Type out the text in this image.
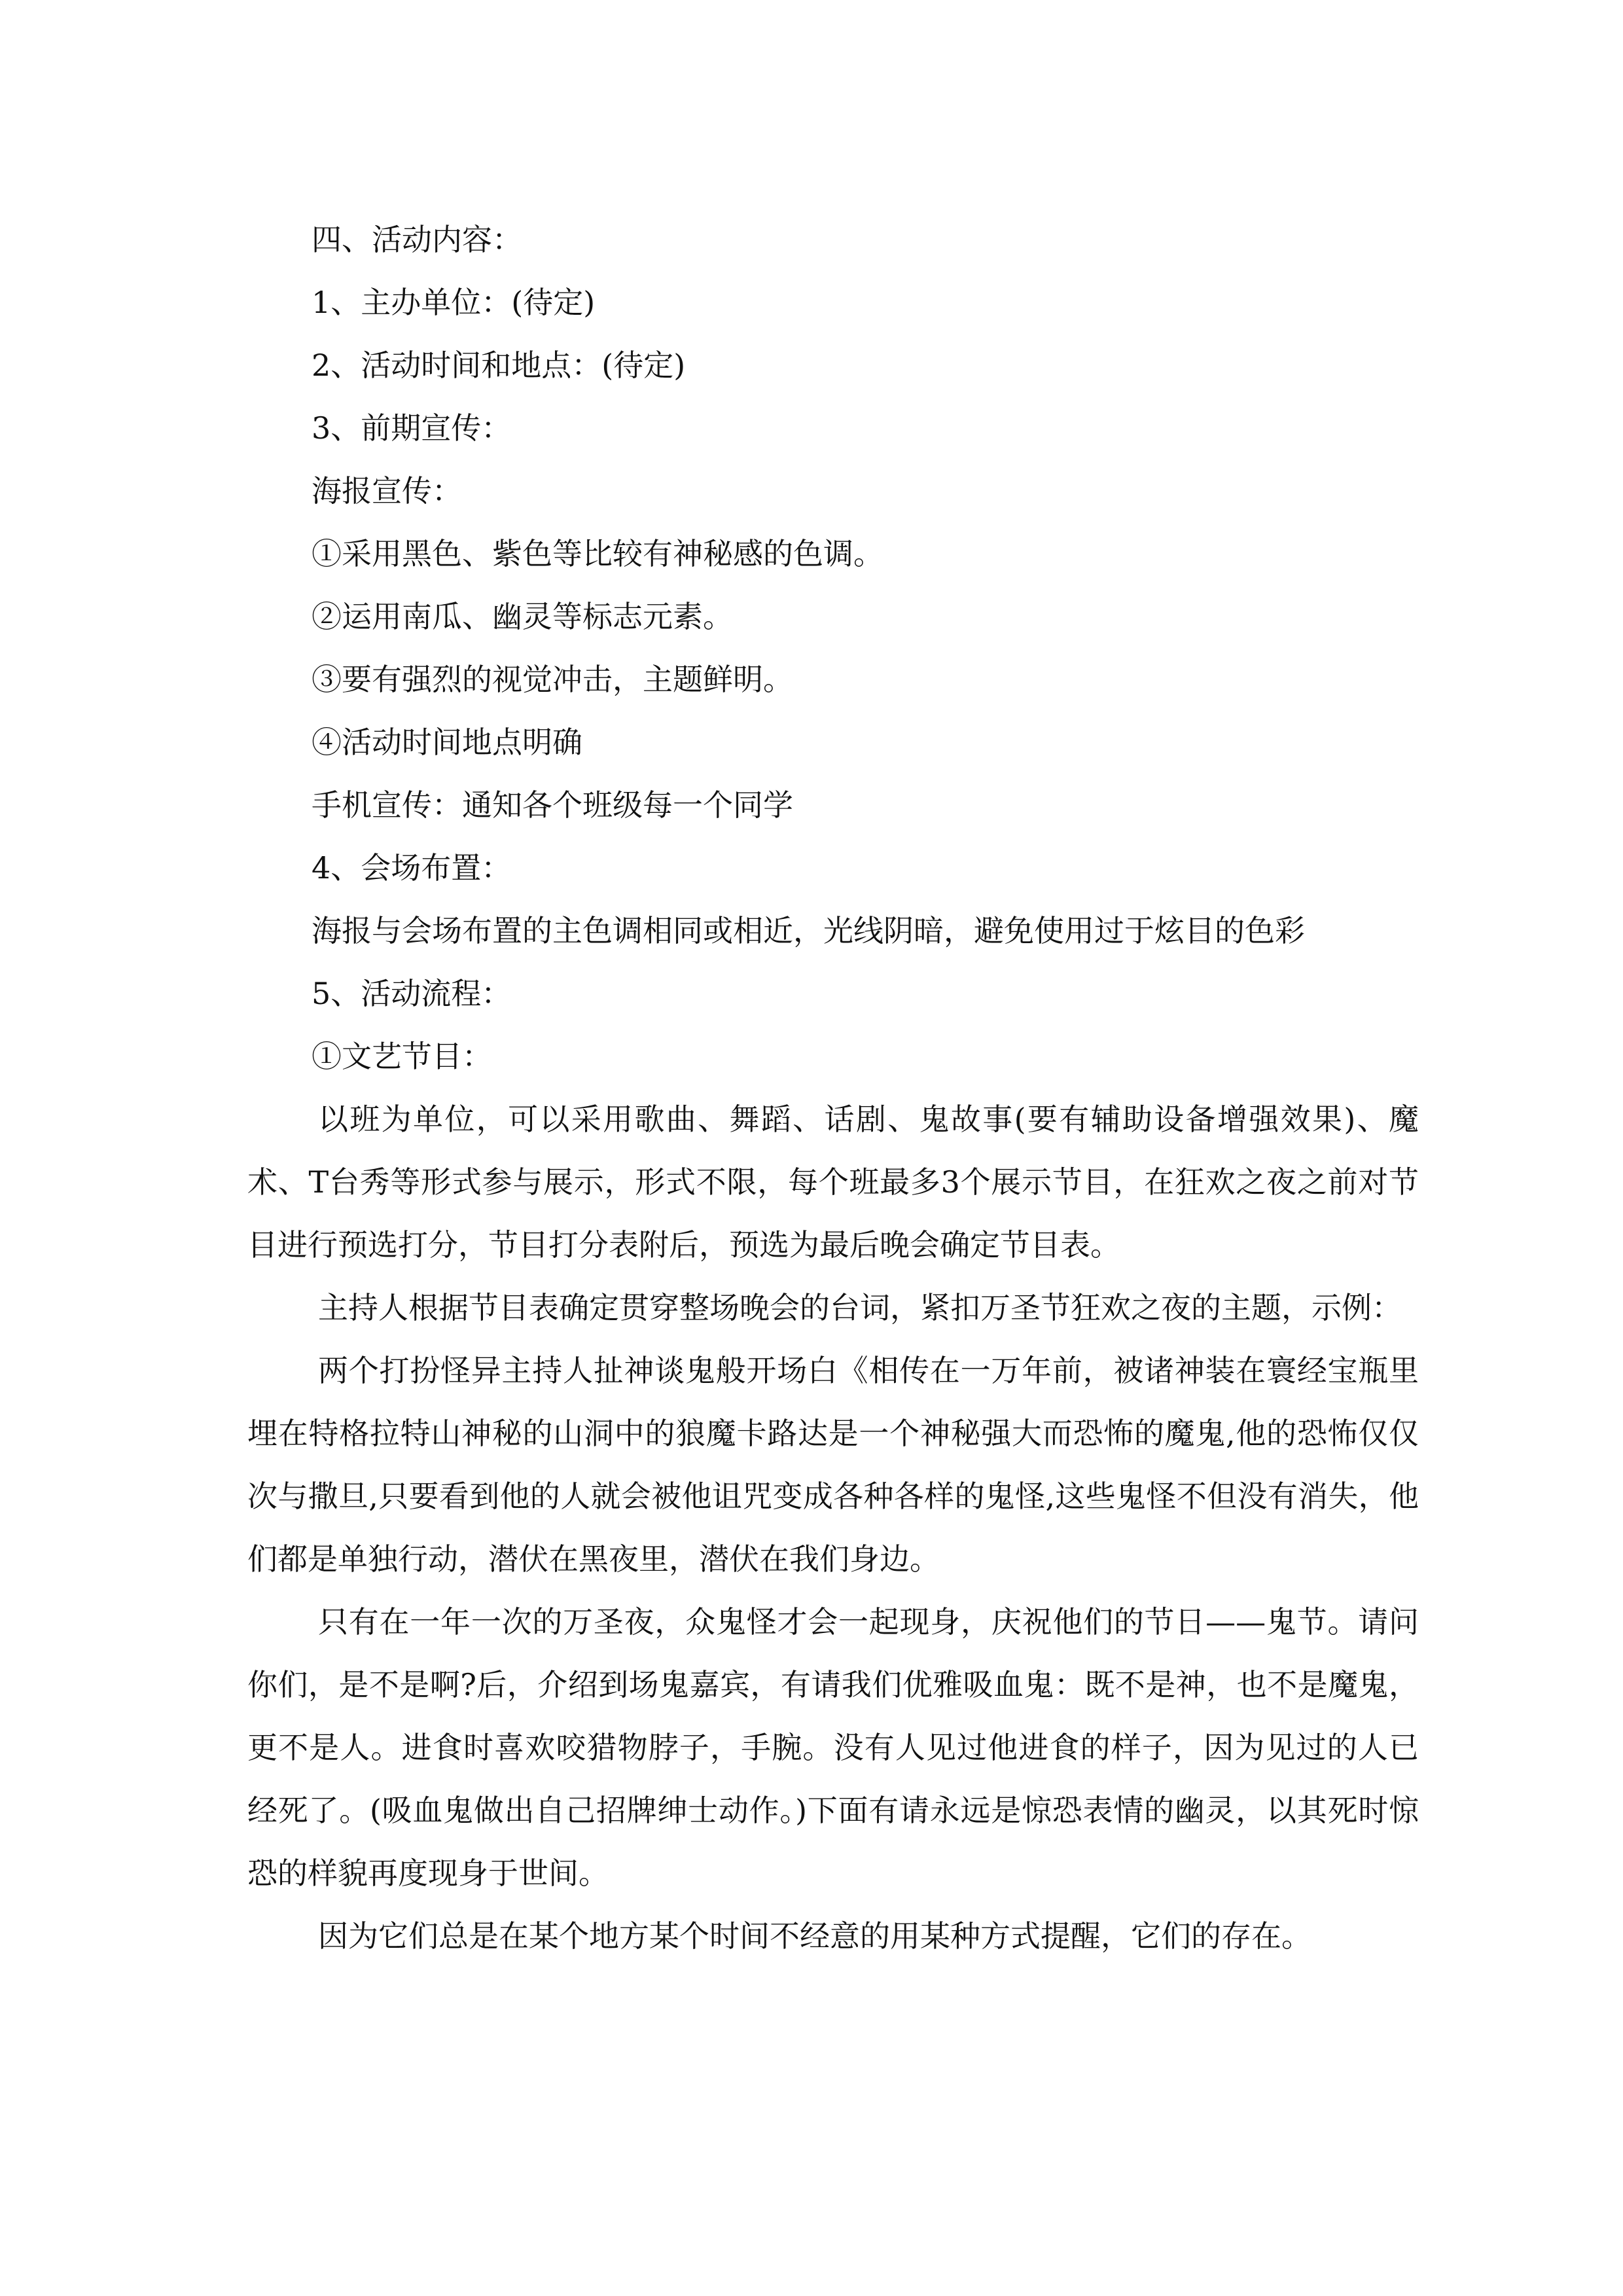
四、活动内容：

1、主办单位：(待定)

2、活动时间和地点：(待定)

3、前期宣传：

海报宣传：

①采用黑色、紫色等比较有神秘感的色调。

②运用南瓜、幽灵等标志元素。

③要有强烈的视觉冲击，主题鲜明。

④活动时间地点明确

手机宣传：通知各个班级每一个同学

4、会场布置：

海报与会场布置的主色调相同或相近，光线阴暗，避免使用过于炫目的色彩

5、活动流程：

①文艺节目：

以班为单位，可以采用歌曲、舞蹈、话剧、鬼故事(要有辅助设备增强效果)、魔术、T台秀等形式参与展示，形式不限，每个班最多3个展示节目，在狂欢之夜之前对节目进行预选打分，节目打分表附后，预选为最后晚会确定节目表。

主持人根据节目表确定贯穿整场晚会的台词，紧扣万圣节狂欢之夜的主题，示例：

两个打扮怪异主持人扯神谈鬼般开场白《相传在一万年前，被诸神装在寰经宝瓶里埋在特格拉特山神秘的山洞中的狼魔卡路达是一个神秘强大而恐怖的魔鬼,他的恐怖仅仅次与撒旦,只要看到他的人就会被他诅咒变成各种各样的鬼怪,这些鬼怪不但没有消失，他们都是单独行动，潜伏在黑夜里，潜伏在我们身边。

只有在一年一次的万圣夜，众鬼怪才会一起现身，庆祝他们的节日——鬼节。请问你们，是不是啊?后，介绍到场鬼嘉宾，有请我们优雅吸血鬼：既不是神，也不是魔鬼，更不是人。进食时喜欢咬猎物脖子，手腕。没有人见过他进食的样子，因为见过的人已经死了。(吸血鬼做出自己招牌绅士动作。)下面有请永远是惊恐表情的幽灵，以其死时惊恐的样貌再度现身于世间。

因为它们总是在某个地方某个时间不经意的用某种方式提醒，它们的存在。
